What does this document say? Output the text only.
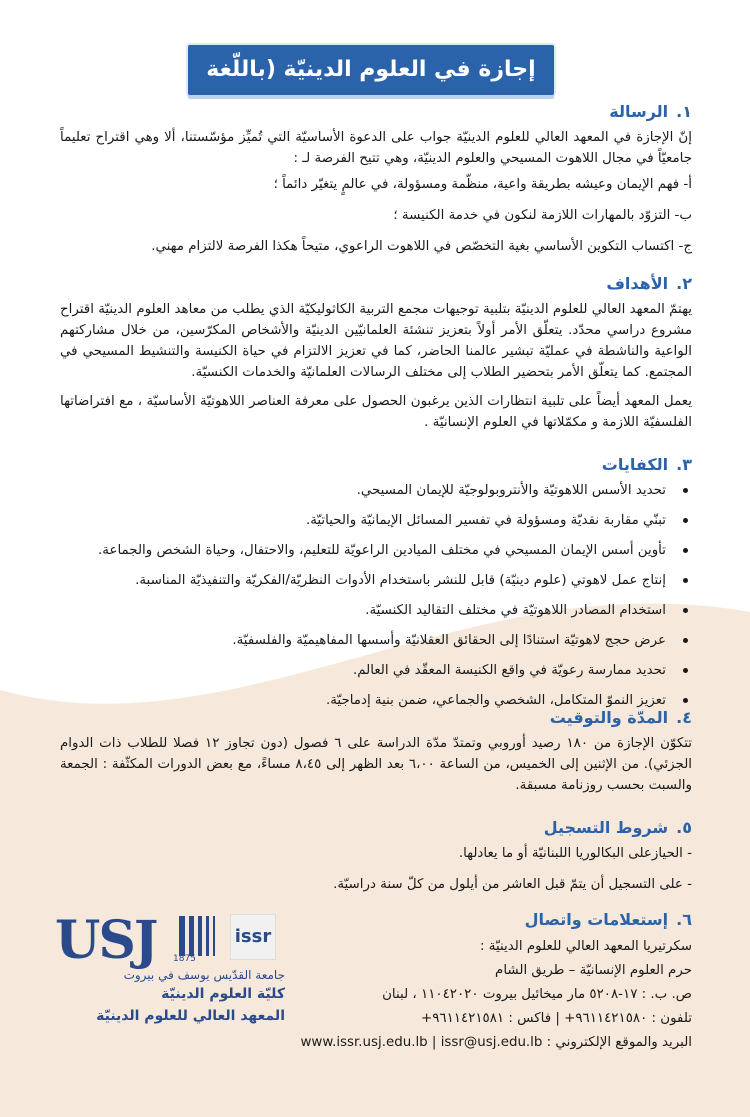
إجازة في العلوم الدينيّة (باللّغة العربية)	١.الرسالة

إنّ الإجازة في المعهد العالي للعلوم الدينيّة جواب على الدعوة الأساسيّة التي تُميِّز مؤسّستنا، ألا وهي اقتراح تعليماً جامعيّاً في مجال اللاهوت المسيحي والعلوم الدينيّة، وهي تتيح الفرصة لـ :

أ- فهم الإيمان وعيشه بطريقة واعية، منظّمة ومسؤولة، في عالمٍ يتغيّر دائماً ؛
ب- التزوّد بالمهارات اللازمة لنكون في خدمة الكنيسة ؛
ج- اكتساب التكوين الأساسي بغية التخصّص في اللاهوت الراعوي، متيحاً هكذا الفرصة لالتزام مهني.
٢.الأهداف

يهتمّ المعهد العالي للعلوم الدينيّة بتلبية توجيهات مجمع التربية الكاثوليكيّة الذي يطلب من معاهد العلوم الدينيّة اقتراح مشروع دراسي محدّد. يتعلّق الأمر أولاً بتعزيز تنشئة العلمانيّين الدينيّة والأشخاص المكرّسين، من خلال مشاركتهم الواعية والناشطة في عمليّة تبشير عالمنا الحاضر، كما في تعزيز الالتزام في حياة الكنيسة والتنشيط المسيحي في المجتمع. كما يتعلّق الأمر بتحضير الطلاب إلى مختلف الرسالات العلمانيّة والخدمات الكنسيّة.

يعمل المعهد أيضاً على تلبية انتظارات الذين يرغبون الحصول على معرفة العناصر اللاهوتيّة الأساسيّة ، مع افتراضاتها الفلسفيّة اللازمة و مكمّلاتها في العلوم الإنسانيّة .

٣.الكفايات
تحديد الأسس اللاهوتيّة والأنتروبولوجيّة للإيمان المسيحي.
تبنّي مقاربة نقديّة ومسؤولة في تفسير المسائل الإيمانيّة والحياتيّة.
تأوين أسس الإيمان المسيحي في مختلف الميادين الراعويّة للتعليم، والاحتفال، وحياة الشخص والجماعة.
إنتاج عمل لاهوتي (علوم دينيّة) قابل للنشر باستخدام الأدوات النظريّة/الفكريّة والتنفيذيّة المناسبة.
استخدام المصادر اللاهوتيّة في مختلف التقاليد الكنسيّة.
عرض حجج لاهوتيّة استنادًا إلى الحقائق العقلانيّة وأسسها المفاهيميّة والفلسفيّة.
تحديد ممارسة رعويّة في واقع الكنيسة المعقّد في العالم.
تعزيز النموّ المتكامل، الشخصي والجماعي، ضمن بنية إدماجيّة.
٤.المدّة والتوقيت

تتكوّن الإجازة من ١٨٠ رصيد أوروبي وتمتدّ مدّة الدراسة على ٦ فصول (دون تجاوز ١٢ فصلا للطلاب ذات الدوام الجزئي). من الإثنين إلى الخميس، من الساعة ٦،٠٠ بعد الظهر إلى ٨،٤٥ مساءً، مع بعض الدورات المكثّفة : الجمعة والسبت بحسب روزنامة مسبقة.

٥.شروط التسجيل
- الحيازعلى البكالوريا اللبنانيّة أو ما يعادلها.
- على التسجيل أن يتمّ قبل العاشر من أيلول من كلّ سنة دراسيّة.
٦.إستعلامات واتصال
سكرتيريا المعهد العالي للعلوم الدينيّة :
حرم العلوم الإنسانيّة – طريق الشام
ص. ب. : ١٧-٥٢٠٨ مار ميخائيل بيروت ١١٠٤٢٠٢٠ ، لبنان
تلفون : ٩٦١١٤٢١٥٨٠+ | فاكس : ٩٦١١٤٢١٥٨١+
البريد والموقع الإلكتروني : www.issr.usj.edu.lb | issr@usj.edu.lb
USJ 1875
issr
جامعة القدّيس يوسف في بيروت
كليّة العلوم الدينيّة
المعهد العالي للعلوم الدينيّة
